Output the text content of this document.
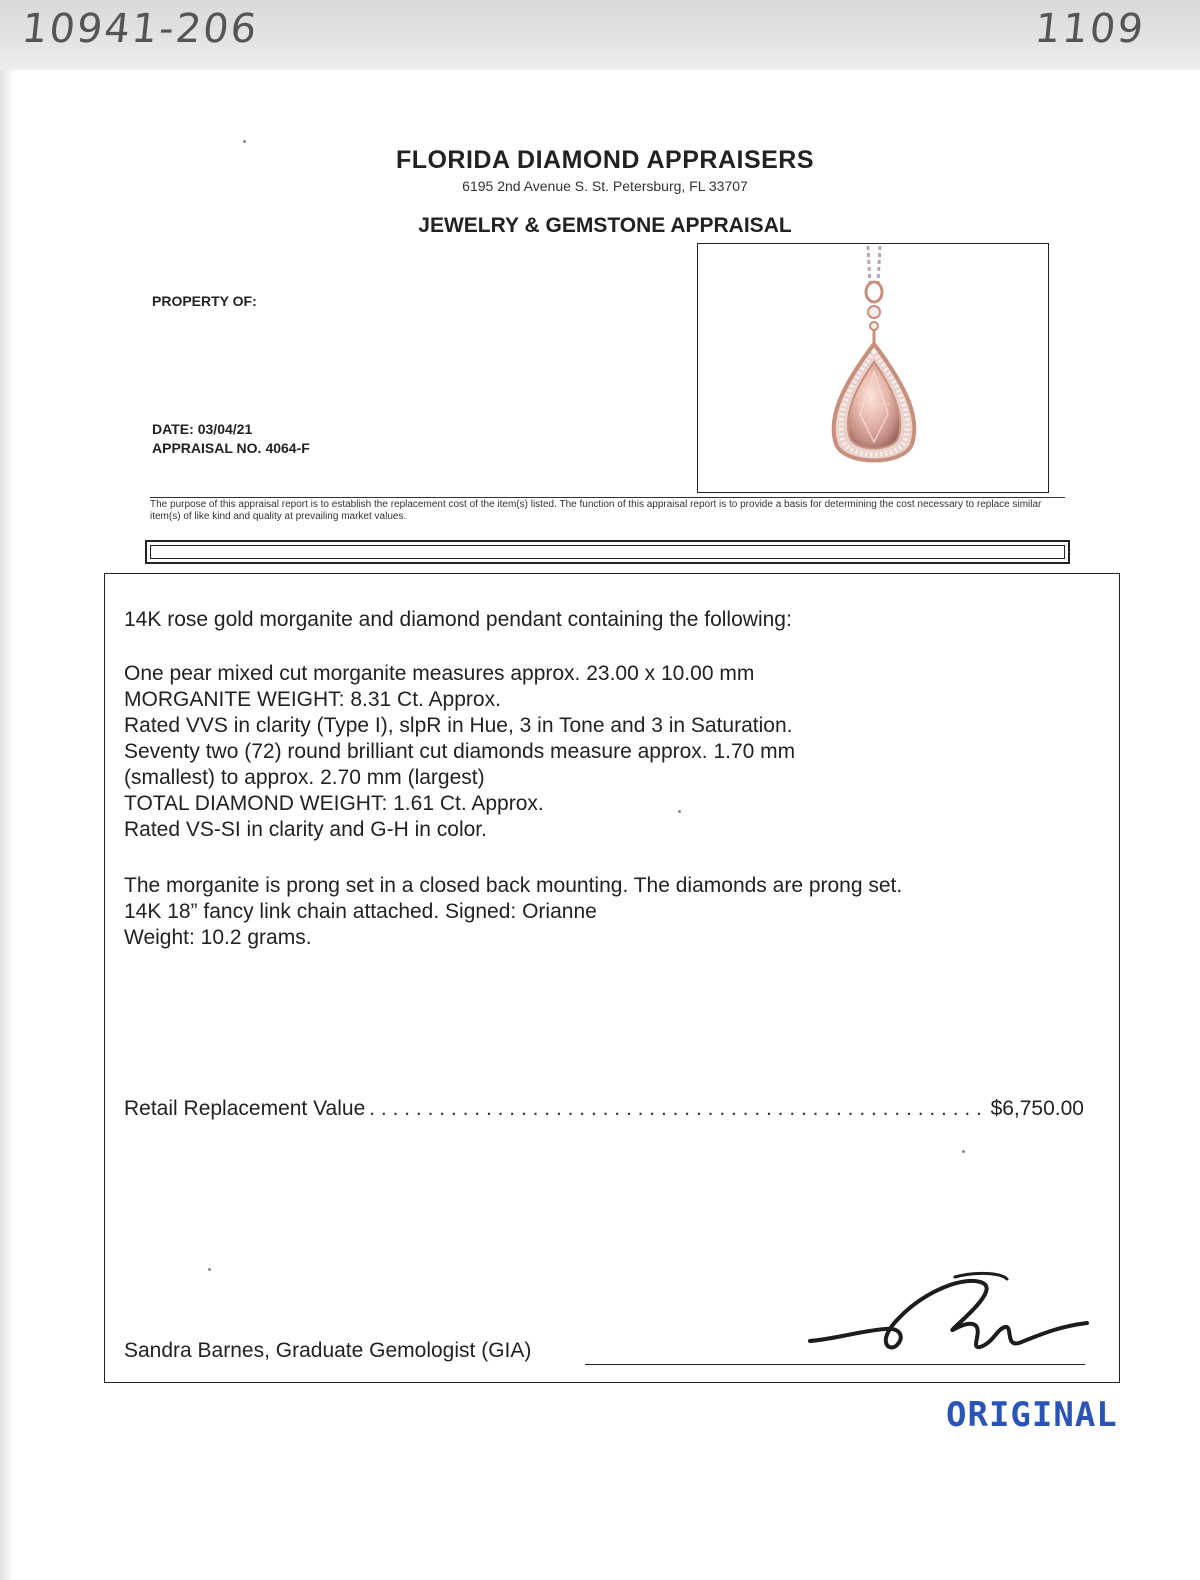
10941-206	1109
FLORIDA DIAMOND APPRAISERS
6195 2nd Avenue S. St. Petersburg, FL 33707
JEWELRY & GEMSTONE APPRAISAL
PROPERTY OF:
DATE: 03/04/21
APPRAISAL NO. 4064-F
The purpose of this appraisal report is to establish the replacement cost of the item(s) listed. The function of this appraisal report is to provide a basis for determining the cost necessary to replace similar item(s) of like kind and quality at prevailing market values.
14K rose gold morganite and diamond pendant containing the following:
One pear mixed cut morganite measures approx. 23.00 x 10.00 mm
MORGANITE WEIGHT: 8.31 Ct. Approx.
Rated VVS in clarity (Type I), slpR in Hue, 3 in Tone and 3 in Saturation.
Seventy two (72) round brilliant cut diamonds measure approx. 1.70 mm
(smallest) to approx. 2.70 mm (largest)
TOTAL DIAMOND WEIGHT: 1.61 Ct. Approx.
Rated VS-SI in clarity and G-H in color.
The morganite is prong set in a closed back mounting. The diamonds are prong set.
14K 18” fancy link chain attached. Signed: Orianne
Weight: 10.2 grams.
Retail Replacement Value
. . .	$6,750.00
Sandra Barnes, Graduate Gemologist (GIA)
ORIGINAL
